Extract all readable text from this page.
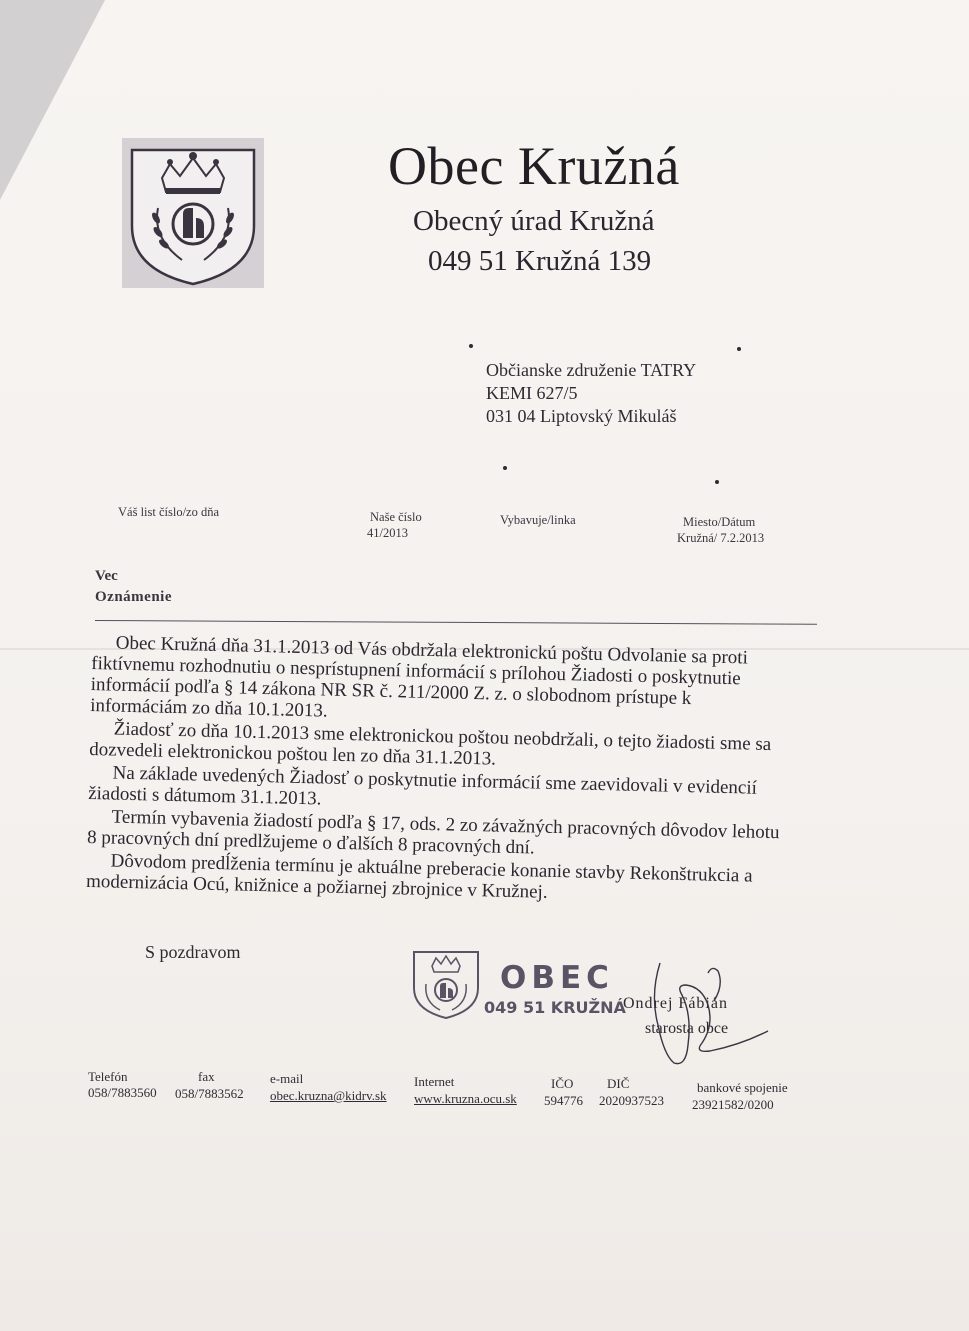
Obec Kružná
Obecný úrad Kružná
049 51 Kružná 139
Občianske združenie TATRY
KEMI 627/5
031 04 Liptovský Mikuláš
Váš list číslo/zo dňa	Naše číslo
41/2013
Vybavuje/linka	Miesto/Dátum
Kružná/ 7.2.2013
Vec
Oznámenie

Obec Kružná dňa 31.1.2013 od Vás obdržala elektronickú poštu Odvolanie sa proti fiktívnemu rozhodnutiu o nesprístupnení informácií s prílohou Žiadosti o poskytnutie informácií podľa § 14 zákona NR SR č. 211/2000 Z. z. o slobodnom prístupe k informáciám zo dňa 10.1.2013.

Žiadosť zo dňa 10.1.2013 sme elektronickou poštou neobdržali, o tejto žiadosti sme sa dozvedeli elektronickou poštou len zo dňa 31.1.2013.

Na základe uvedených Žiadosť o poskytnutie informácií sme zaevidovali v evidencií žiadosti s dátumom 31.1.2013.

Termín vybavenia žiadostí podľa § 17, ods. 2 zo závažných pracovných dôvodov lehotu 8 pracovných dní predlžujeme o ďalších 8 pracovných dní.

Dôvodom predĺženia termínu je aktuálne preberacie konanie stavby Rekonštrukcia a modernizácia Ocú, knižnice a požiarnej zbrojnice v Kružnej.

S pozdravom
OBEC
049 51 KRUŽNÁ
Ondrej Fábián
starosta obce
Telefón
058/7883560
fax
058/7883562
e-mail
obec.kruzna@kidrv.sk
Internet
www.kruzna.ocu.sk
IČO
594776
DIČ
2020937523
bankové spojenie
23921582/0200
